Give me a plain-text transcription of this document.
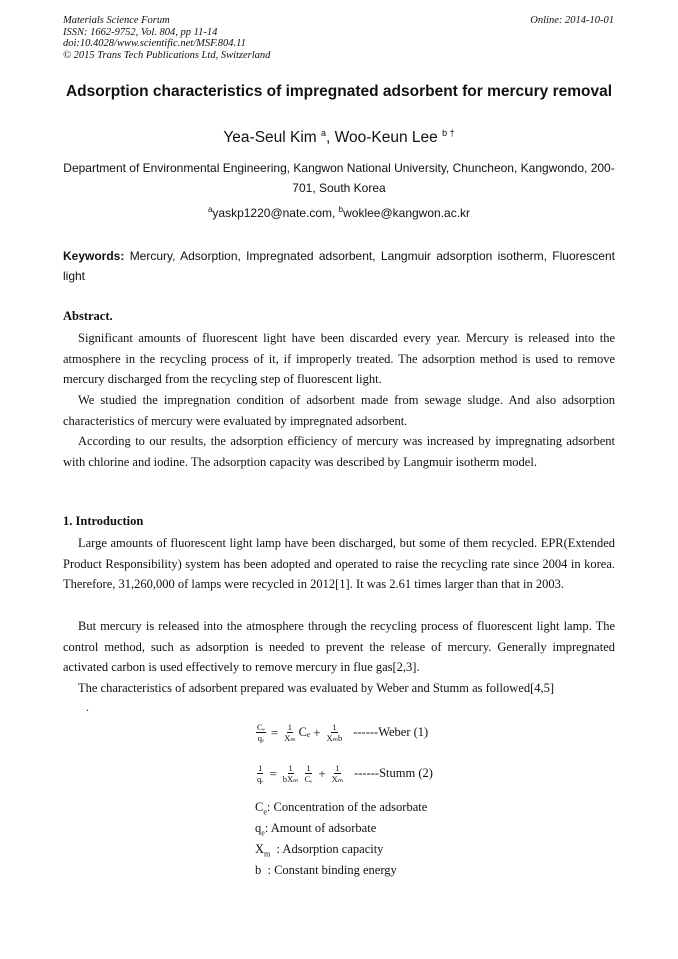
Materials Science Forum
ISSN: 1662-9752, Vol. 804, pp 11-14
doi:10.4028/www.scientific.net/MSF.804.11
© 2015 Trans Tech Publications Ltd, Switzerland
Online: 2014-10-01
Adsorption characteristics of impregnated adsorbent for mercury removal
Yea-Seul Kim $^a$, Woo-Keun Lee $^{b \dagger}$
Department of Environmental Engineering, Kangwon National University, Chuncheon, Kangwondo, 200-701, South Korea
$^a$yaskp1220@nate.com, $^b$woklee@kangwon.ac.kr
Keywords: Mercury, Adsorption, Impregnated adsorbent, Langmuir adsorption isotherm, Fluorescent light
Abstract.
Significant amounts of fluorescent light have been discarded every year. Mercury is released into the atmosphere in the recycling process of it, if improperly treated. The adsorption method is used to remove mercury discharged from the recycling step of fluorescent light.
We studied the impregnation condition of adsorbent made from sewage sludge. And also adsorption characteristics of mercury were evaluated by impregnated adsorbent.
According to our results, the adsorption efficiency of mercury was increased by impregnating adsorbent with chlorine and iodine. The adsorption capacity was described by Langmuir isotherm model.
1. Introduction
Large amounts of fluorescent light lamp have been discharged, but some of them recycled. EPR(Extended Product Responsibility) system has been adopted and operated to raise the recycling rate since 2004 in korea. Therefore, 31,260,000 of lamps were recycled in 2012[1]. It was 2.61 times larger than that in 2003.
But mercury is released into the atmosphere through the recycling process of fluorescent light lamp. The control method, such as adsorption is needed to prevent the release of mercury. Generally impregnated activated carbon is used effectively to remove mercury in flue gas[2,3].
The characteristics of adsorbent prepared was evaluated by Weber and Stumm as followed[4,5]
.
$\frac{\text{Cₑ}}{\text{qₑ}} = \frac{1}{\text{Xₘ}}$ $C_e + \frac{1}{\text{Xₘb}}$ ------Weber (1)
$\frac{1}{\text{qₑ}} = \frac{1}{\text{bXₘ}} \frac{1}{\text{Cₑ}} + \frac{1}{\text{Xₘ}}$ ------Stumm (2)
$C_e$: Concentration of the adsorbate
$q_e$: Amount of adsorbate
$X_m$  : Adsorption capacity
b  : Constant binding energy
